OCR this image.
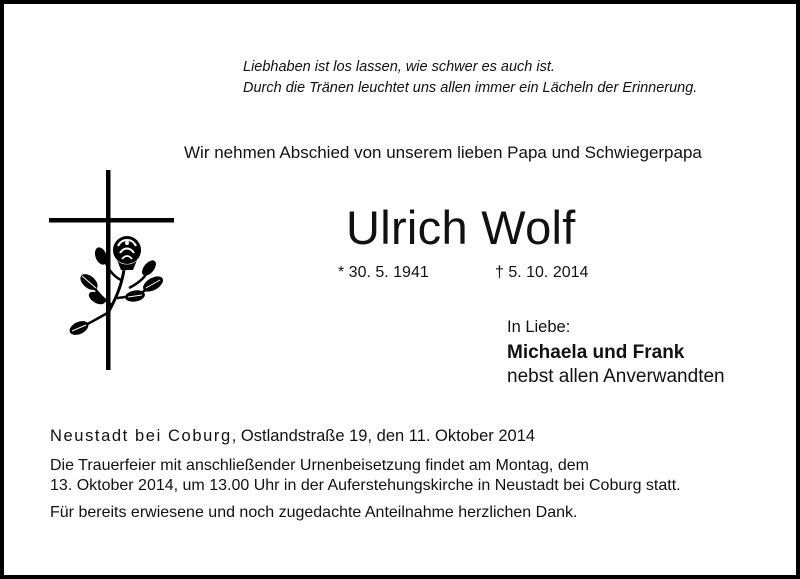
Liebhaben ist los lassen, wie schwer es auch ist.
Durch die Tränen leuchtet uns allen immer ein Lächeln der Erinnerung.
Wir nehmen Abschied von unserem lieben Papa und Schwiegerpapa
Ulrich Wolf
* 30. 5. 1941	† 5. 10. 2014
In Liebe:
Michaela und Frank
nebst allen Anverwandten
Neustadt bei Coburg, Ostlandstraße 19, den 11. Oktober 2014
Die Trauerfeier mit anschließender Urnenbeisetzung findet am Montag, dem
13. Oktober 2014, um 13.00 Uhr in der Auferstehungskirche in Neustadt bei Coburg statt.
Für bereits erwiesene und noch zugedachte Anteilnahme herzlichen Dank.
